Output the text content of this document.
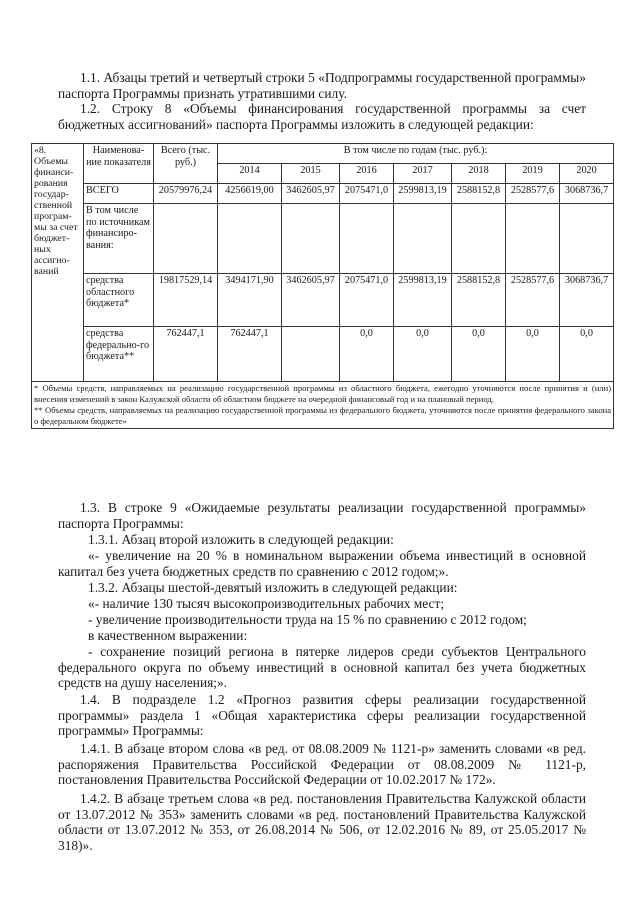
1.1. Абзацы третий и четвертый строки 5 «Подпрограммы государственной программы» паспорта Программы признать утратившими силу.
1.2. Строку 8 «Объемы финансирования государственной программы за счет бюджетных ассигнований» паспорта Программы изложить в следующей редакции:
«8. Объемы финанси-рования государ-ственной програм-мы за счет бюджет-ных ассигно-ваний	Наименова-ние показателя	Всего (тыс. руб.)	В том числе по годам (тыс. руб.):						
			2014	2015	2016	2017	2018	2019	2020
	ВСЕГО	20579976,24	4256619,00	3462605,97	2075471,0	2599813,19	2588152,8	2528577,6	3068736,7
	В том числе по источникам финансиро-вания:								
	средства областного бюджета*	19817529,14	3494171,90	3462605,97	2075471,0	2599813,19	2588152,8	2528577,6	3068736,7
	средства федерально-го бюджета**	762447,1	762447,1		0,0	0,0	0,0	0,0	0,0

* Объемы средств, направляемых на реализацию государственной программы из областного бюджета, ежегодно уточняются после принятия и (или) внесения изменений в закон Калужской области об областном бюджете на очередной финансовый год и на плановый период.
** Объемы средств, направляемых на реализацию государственной программы из федерального бюджета, уточняются после принятия федерального закона о федеральном бюджете»									
1.3. В строке 9 «Ожидаемые результаты реализации государственной программы» паспорта Программы:
1.3.1. Абзац второй изложить в следующей редакции:
«- увеличение на 20 % в номинальном выражении объема инвестиций в основной капитал без учета бюджетных средств по сравнению с 2012 годом;».
1.3.2. Абзацы шестой-девятый изложить в следующей редакции:
«- наличие 130 тысяч высокопроизводительных рабочих мест;
- увеличение производительности труда на 15 % по сравнению с 2012 годом;
в качественном выражении:
- сохранение позиций региона в пятерке лидеров среди субъектов Центрального федерального округа по объему инвестиций в основной капитал без учета бюджетных средств на душу населения;».
1.4. В подразделе 1.2 «Прогноз развития сферы реализации государственной программы» раздела 1 «Общая характеристика сферы реализации государственной программы» Программы:
1.4.1. В абзаце втором слова «в ред. от 08.08.2009 № 1121-р» заменить словами «в ред. распоряжения Правительства Российской Федерации от 08.08.2009 № 1121-р, постановления Правительства Российской Федерации от 10.02.2017 № 172».
1.4.2. В абзаце третьем слова «в ред. постановления Правительства Калужской области от 13.07.2012 № 353» заменить словами «в ред. постановлений Правительства Калужской области от 13.07.2012 № 353, от 26.08.2014 № 506, от 12.02.2016 № 89, от 25.05.2017 № 318)».
